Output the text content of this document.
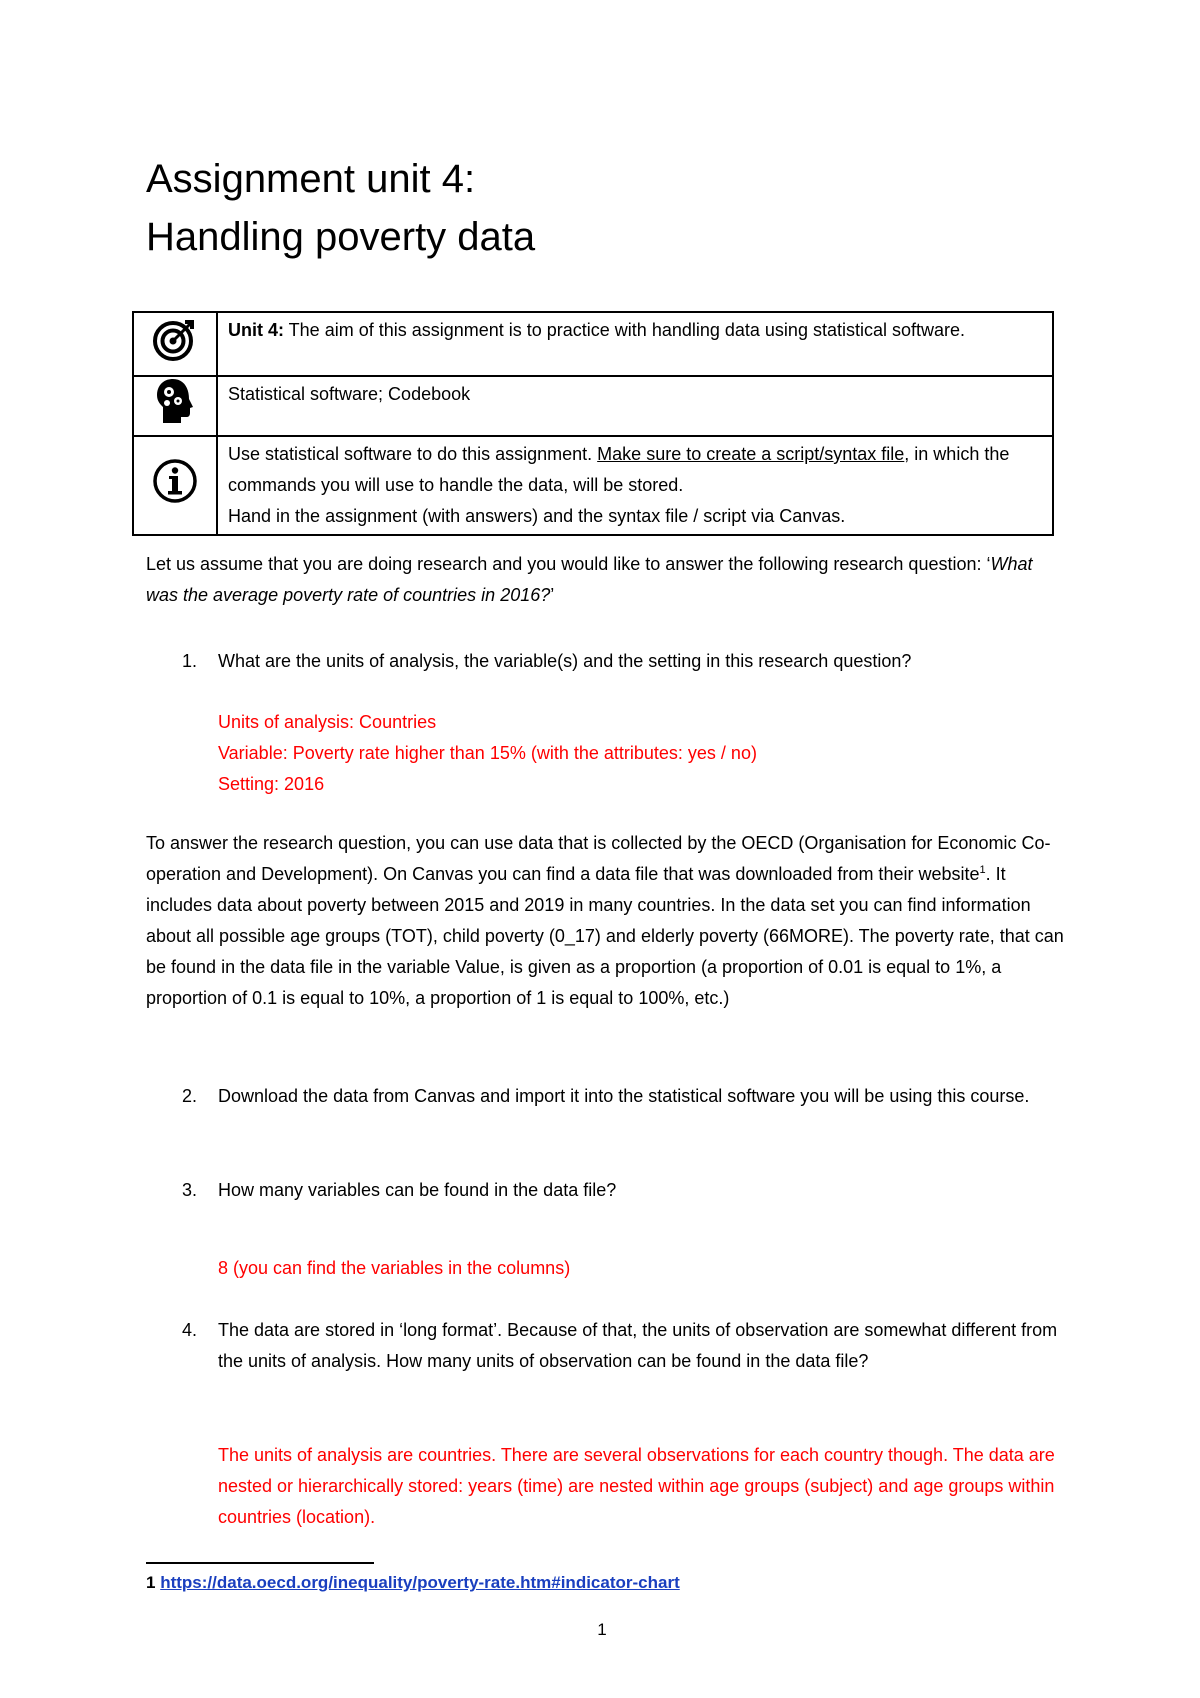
Assignment unit 4:
Handling poverty data
	Unit 4: The aim of this assignment is to practice with handling data using statistical software.
	Statistical software; Codebook
	Use statistical software to do this assignment. Make sure to create a script/syntax file, in which the commands you will use to handle the data, will be stored.
Hand in the assignment (with answers) and the syntax file / script via Canvas.

Let us assume that you are doing research and you would like to answer the following research question: ‘What was the average poverty rate of countries in 2016?’

1. What are the units of analysis, the variable(s) and the setting in this research question?
Units of analysis: Countries
Variable: Poverty rate higher than 15% (with the attributes: yes / no)
Setting: 2016

To answer the research question, you can use data that is collected by the OECD (Organisation for Economic Co-operation and Development). On Canvas you can find a data file that was downloaded from their website$^1$. It includes data about poverty between 2015 and 2019 in many countries. In the data set you can find information about all possible age groups (TOT), child poverty (0_17) and elderly poverty (66MORE). The poverty rate, that can be found in the data file in the variable Value, is given as a proportion (a proportion of 0.01 is equal to 1%, a proportion of 0.1 is equal to 10%, a proportion of 1 is equal to 100%, etc.)

2. Download the data from Canvas and import it into the statistical software you will be using this course.
3. How many variables can be found in the data file?
8 (you can find the variables in the columns)
4. The data are stored in ‘long format’. Because of that, the units of observation are somewhat different from the units of analysis. How many units of observation can be found in the data file?
The units of analysis are countries. There are several observations for each country though. The data are nested or hierarchically stored: years (time) are nested within age groups (subject) and age groups within countries (location).
1 https://data.oecd.org/inequality/poverty-rate.htm#indicator-chart
1
